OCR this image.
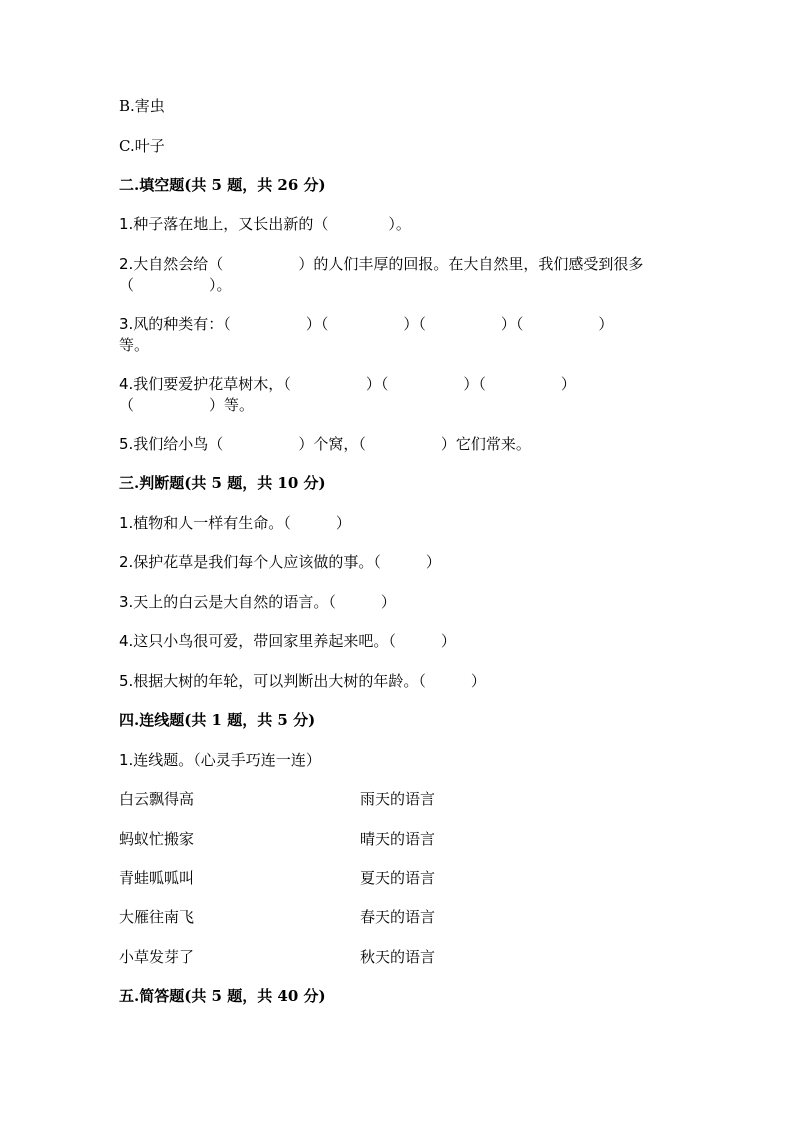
B.害虫
C.叶子
二.填空题(共 5 题，共 26 分)
1.种子落在地上，又长出新的（　　　　）。
2.大自然会给（　　　　　）的人们丰厚的回报。在大自然里，我们感受到很多
（　　　　　）。
3.风的种类有：（　　　　　）（　　　　　）（　　　　　）（　　　　　）
等。
4.我们要爱护花草树木，（　　　　　）（　　　　　）（　　　　　）
（　　　　　）等。
5.我们给小鸟（　　　　　）个窝，（　　　　　）它们常来。
三.判断题(共 5 题，共 10 分)
1.植物和人一样有生命。（　　　）
2.保护花草是我们每个人应该做的事。（　　　）
3.天上的白云是大自然的语言。（　　　）
4.这只小鸟很可爱，带回家里养起来吧。（　　　）
5.根据大树的年轮，可以判断出大树的年龄。（　　　）
四.连线题(共 1 题，共 5 分)
1.连线题。（心灵手巧连一连）
白云飘得高	雨天的语言
蚂蚁忙搬家	晴天的语言
青蛙呱呱叫	夏天的语言
大雁往南飞	春天的语言
小草发芽了	秋天的语言
五.简答题(共 5 题，共 40 分)
